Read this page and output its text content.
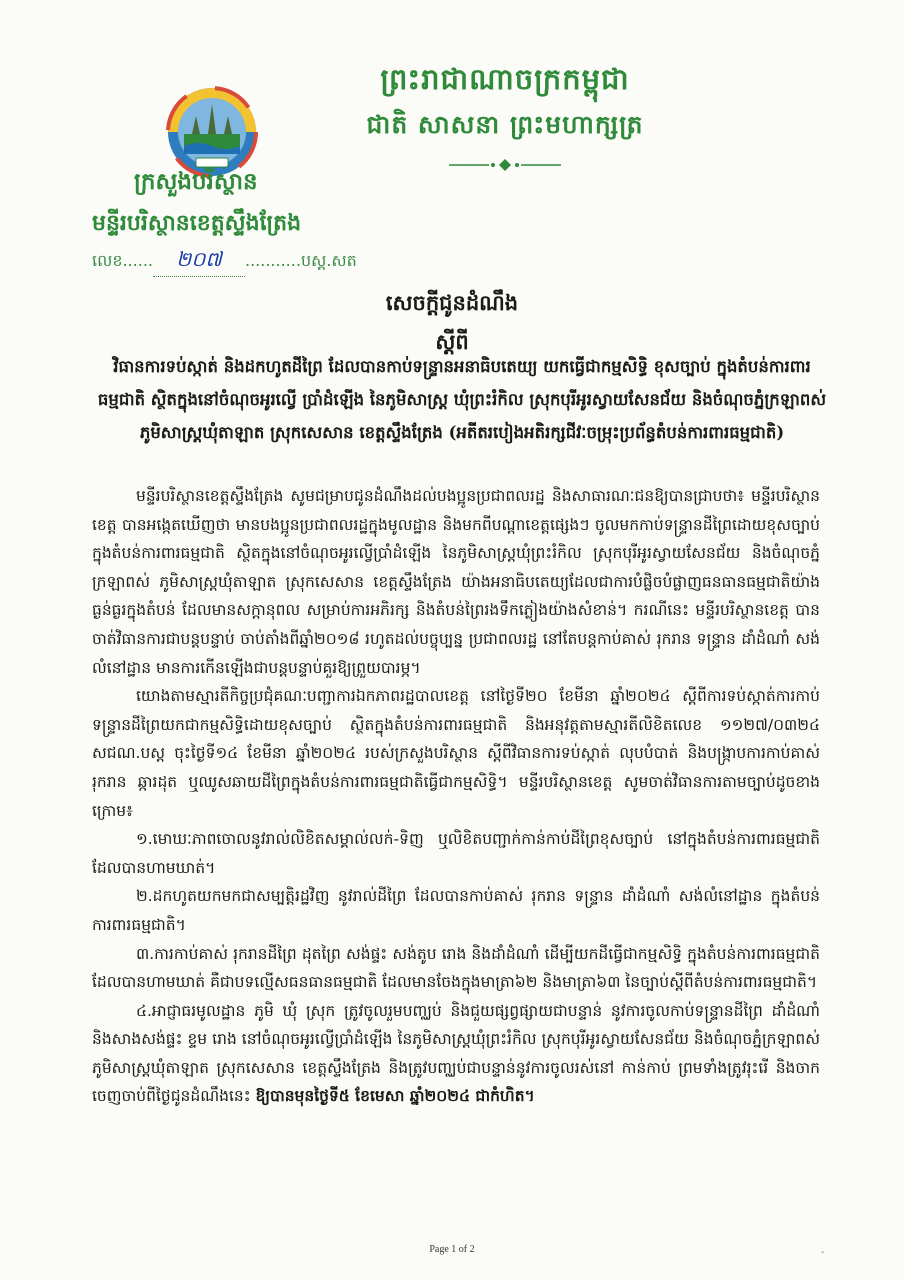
ព្រះរាជាណាចក្រកម្ពុជា
ជាតិ សាសនា ព្រះមហាក្សត្រ
ក្រសួងបរិស្ថាន
មន្ទីរបរិស្ថានខេត្តស្ទឹងត្រែង
លេខ...... ២០៧ ...........បស្ត.សត
សេចក្តីជូនដំណឹង
ស្តីពី
វិធានការទប់ស្កាត់ និងដកហូតដីព្រៃ ដែលបានកាប់ទន្រ្ទានអនាធិបតេយ្យ យកធ្វើជាកម្មសិទ្ធិ ខុសច្បាប់ ក្នុងតំបន់ការពារធម្មជាតិ ស្ថិតក្នុងនៅចំណុចអូរល្វើ ប្រាំដំឡើង នៃភូមិសាស្ត្រ ឃុំព្រះរំកិល ស្រុកបុរីអូរស្វាយសែនជ័យ និងចំណុចភ្នំក្រឡាពស់ ភូមិសាស្ត្រឃុំតាឡាត ស្រុកសេសាន ខេត្តស្ទឹងត្រែង (អតីតរបៀងអតិរក្សជីវៈចម្រុះប្រព័ន្ធតំបន់ការពារធម្មជាតិ)

មន្ទីរបរិស្ថានខេត្តស្ទឹងត្រែង សូមជម្រាបជូនដំណឹងដល់បងប្អូនប្រជាពលរដ្ឋ និងសាធារណៈជនឱ្យបានជ្រាបថា៖ មន្ទីរបរិស្ថានខេត្ត បានអង្កេតឃើញថា មានបងប្អូនប្រជាពលរដ្ឋក្នុងមូលដ្ឋាន និងមកពីបណ្តាខេត្តផ្សេងៗ ចូលមកកាប់ទន្រ្ទានដីព្រៃដោយខុសច្បាប់ ក្នុងតំបន់ការពារធម្មជាតិ ស្ថិតក្នុងនៅចំណុចអូរល្វើប្រាំដំឡើង នៃភូមិសាស្ត្រឃុំព្រះរំកិល ស្រុកបុរីអូរស្វាយសែនជ័យ និងចំណុចភ្នំក្រឡាពស់ ភូមិសាស្ត្រឃុំតាឡាត ស្រុកសេសាន ខេត្តស្ទឹងត្រែង យ៉ាងអនាធិបតេយ្យដែលជាការបំផ្លិចបំផ្លាញធនធានធម្មជាតិយ៉ាងធ្ងន់ធ្ងរក្នុងតំបន់ ដែលមានសក្តានុពល សម្រាប់ការអភិរក្ស និងតំបន់ព្រៃរងទឹកភ្លៀងយ៉ាងសំខាន់។ ករណីនេះ មន្ទីរបរិស្ថានខេត្ត បានចាត់វិធានការជាបន្តបន្ទាប់ ចាប់តាំងពីឆ្នាំ២០១៨ រហូតដល់បច្ចុប្បន្ន ប្រជាពលរដ្ឋ នៅតែបន្តកាប់គាស់ រុករាន ទន្ទ្រាន ដាំដំណាំ សង់លំនៅដ្ឋាន មានការកើនឡើងជាបន្តបន្ទាប់គួរឱ្យព្រួយបារម្ភ។

យោងតាមស្មារតីកិច្ចប្រជុំគណៈបញ្ជាការឯកភាពរដ្ឋបាលខេត្ត នៅថ្ងៃទី២០ ខែមីនា ឆ្នាំ២០២៤ ស្តីពីការទប់ស្កាត់ការកាប់ទន្រ្ទានដីព្រៃយកជាកម្មសិទ្ធិដោយខុសច្បាប់ ស្ថិតក្នុងតំបន់ការពារធម្មជាតិ និងអនុវត្តតាមស្មារតីលិខិតលេខ ១១២៧/០៣២៤ សជណ.បស្ត ចុះថ្ងៃទី១៤ ខែមីនា ឆ្នាំ២០២៤ របស់ក្រសួងបរិស្ថាន ស្តីពីវិធានការទប់ស្កាត់ លុបបំបាត់ និងបង្ក្រាបការកាប់គាស់ រុករាន ឆ្ការដុត ឬឈូសឆាយដីព្រៃក្នុងតំបន់ការពារធម្មជាតិធ្វើជាកម្មសិទ្ធិ។ មន្ទីរបរិស្ថានខេត្ត សូមចាត់វិធានការតាមច្បាប់ដូចខាងក្រោម៖

១.មោឃៈភាពចោលនូវរាល់លិខិតសម្គាល់លក់-ទិញ ឬលិខិតបញ្ជាក់កាន់កាប់ដីព្រៃខុសច្បាប់ នៅក្នុងតំបន់ការពារធម្មជាតិ ដែលបានហាមឃាត់។

២.ដកហូតយកមកជាសម្បត្តិរដ្ឋវិញ នូវរាល់ដីព្រៃ ដែលបានកាប់គាស់ រុករាន ទន្រ្ទាន ដាំដំណាំ សង់លំនៅដ្ឋាន ក្នុងតំបន់ការពារធម្មជាតិ។

៣.ការកាប់គាស់ រុករានដីព្រៃ ដុតព្រៃ សង់ផ្ទះ សង់តូប រោង និងដាំដំណាំ ដើម្បីយកដីធ្វើជាកម្មសិទ្ធិ ក្នុងតំបន់ការពារធម្មជាតិ ដែលបានហាមឃាត់ គឺជាបទល្មើសធនធានធម្មជាតិ ដែលមានចែងក្នុងមាត្រា៦២ និងមាត្រា៦៣ នៃច្បាប់ស្តីពីតំបន់ការពារធម្មជាតិ។

៤.អាជ្ញាធរមូលដ្ឋាន ភូមិ ឃុំ ស្រុក ត្រូវចូលរួមបញ្ឈប់ និងជួយផ្សព្វផ្សាយជាបន្ទាន់ នូវការចូលកាប់ទន្រ្ទានដីព្រៃ ដាំដំណាំ និងសាងសង់ផ្ទះ ខ្ទម រោង នៅចំណុចអូរល្វើប្រាំដំឡើង នៃភូមិសាស្ត្រឃុំព្រះរំកិល ស្រុកបុរីអូរស្វាយសែនជ័យ និងចំណុចភ្នំក្រឡាពស់ ភូមិសាស្ត្រឃុំតាឡាត ស្រុកសេសាន ខេត្តស្ទឹងត្រែង និងត្រូវបញ្ឈប់ជាបន្ទាន់នូវការចូលរស់នៅ កាន់កាប់ ព្រមទាំងត្រូវរុះរើ និងចាកចេញចាប់ពីថ្ងៃជូនដំណឹងនេះ ឱ្យបានមុនថ្ងៃទី៥ ខែមេសា ឆ្នាំ២០២៤ ជាកំហិត។

Page 1 of 2
ﾞ
